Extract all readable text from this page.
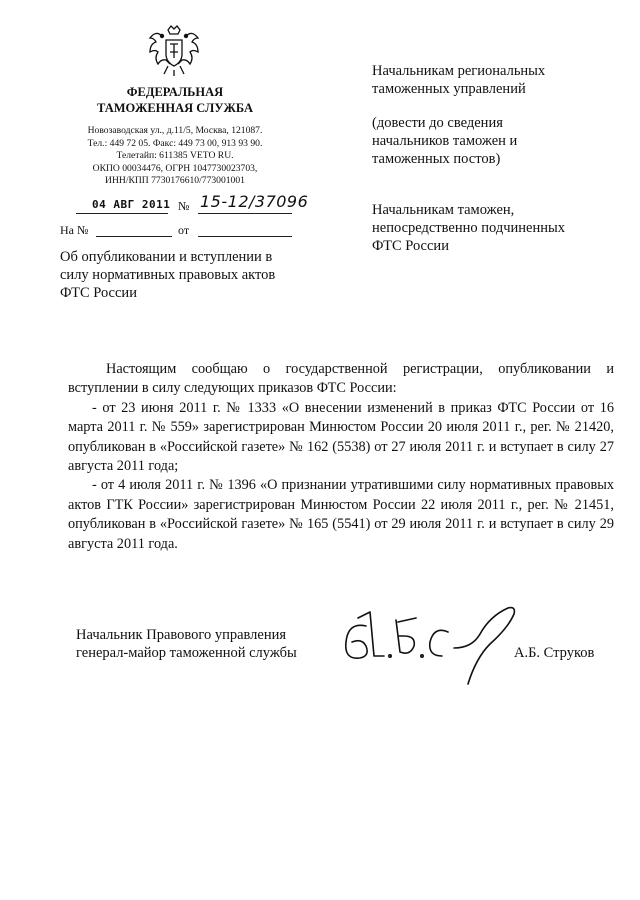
ФЕДЕРАЛЬНАЯ
ТАМОЖЕННАЯ СЛУЖБА
Новозаводская ул., д.11/5, Москва, 121087.
Тел.: 449 72 05. Факс: 449 73 00, 913 93 90.
Телетайп: 611385 VETO RU.
ОКПО 00034476, ОГРН 1047730023703,
ИНН/КПП 7730176610/773001001
04 АВГ 2011 № 15-12/37096
На №	от
Об опубликовании и вступлении в
силу нормативных правовых актов
ФТС России
Начальникам региональных
таможенных управлений
(довести до сведения
начальников таможен и
таможенных постов)
Начальникам таможен,
непосредственно подчиненных
ФТС России

Настоящим сообщаю о государственной регистрации, опубликовании и вступлении в силу следующих приказов ФТС России:

- от 23 июня 2011 г. № 1333 «О внесении изменений в приказ ФТС России от 16 марта 2011 г. № 559» зарегистрирован Минюстом России 20 июля 2011 г., рег. № 21420, опубликован в «Российской газете» № 162 (5538) от 27 июля 2011 г. и вступает в силу 27 августа 2011 года;

- от 4 июля 2011 г. № 1396 «О признании утратившими силу нормативных правовых актов ГТК России» зарегистрирован Минюстом России 22 июля 2011 г., рег. № 21451, опубликован в «Российской газете» № 165 (5541) от 29 июля 2011 г. и вступает в силу 29 августа 2011 года.

Начальник Правового управления
генерал-майор таможенной службы	А.Б. Струков
